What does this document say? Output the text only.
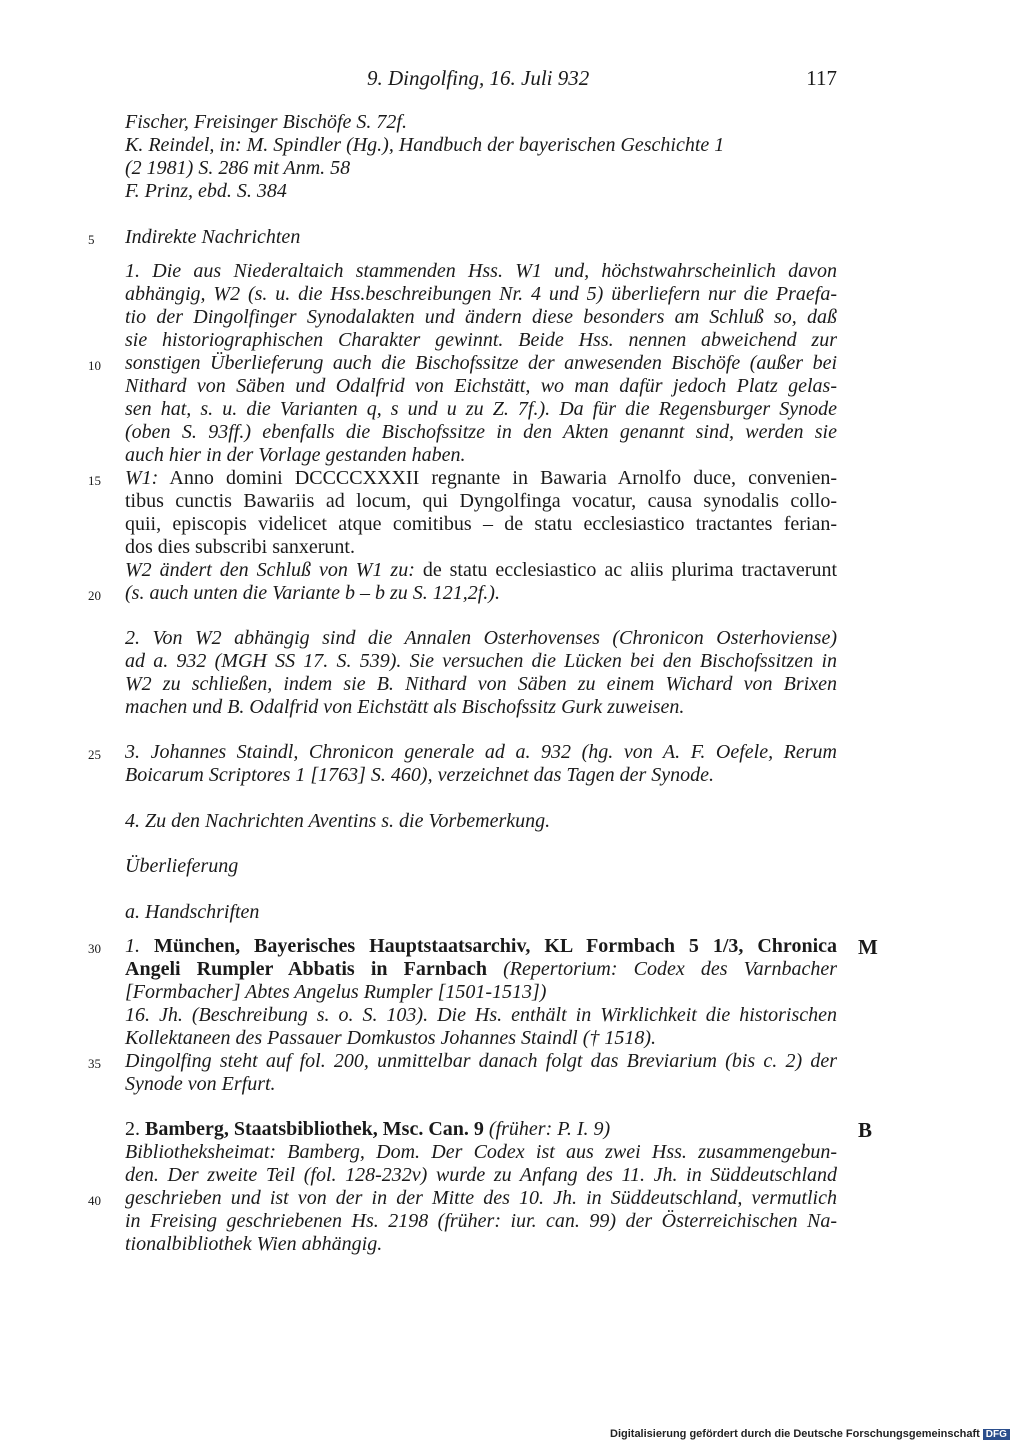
9. Dingolfing, 16. Juli 932	117
Fischer, Freisinger Bischöfe S. 72f.
K. Reindel, in: M. Spindler (Hg.), Handbuch der bayerischen Geschichte 1
(2 1981) S. 286 mit Anm. 58
F. Prinz, ebd. S. 384
5	Indirekte Nachrichten
1. Die aus Niederaltaich stammenden Hss. W1 und, höchstwahrscheinlich davon
abhängig, W2 (s. u. die Hss.beschreibungen Nr. 4 und 5) überliefern nur die Praefa-
tio der Dingolfinger Synodalakten und ändern diese besonders am Schluß so, daß
sie historiographischen Charakter gewinnt. Beide Hss. nennen abweichend zur
10	sonstigen Überlieferung auch die Bischofssitze der anwesenden Bischöfe (außer bei
Nithard von Säben und Odalfrid von Eichstätt, wo man dafür jedoch Platz gelas-
sen hat, s. u. die Varianten q, s und u zu Z. 7f.). Da für die Regensburger Synode
(oben S. 93ff.) ebenfalls die Bischofssitze in den Akten genannt sind, werden sie
auch hier in der Vorlage gestanden haben.
15	W1: Anno domini DCCCCXXXII regnante in Bawaria Arnolfo duce, convenien-
tibus cunctis Bawariis ad locum, qui Dyngolfinga vocatur, causa synodalis collo-
quii, episcopis videlicet atque comitibus – de statu ecclesiastico tractantes ferian-
dos dies subscribi sanxerunt.
W2 ändert den Schluß von W1 zu: de statu ecclesiastico ac aliis plurima tractaverunt
20	(s. auch unten die Variante b – b zu S. 121,2f.).
2. Von W2 abhängig sind die Annalen Osterhovenses (Chronicon Osterhoviense)
ad a. 932 (MGH SS 17. S. 539). Sie versuchen die Lücken bei den Bischofssitzen in
W2 zu schließen, indem sie B. Nithard von Säben zu einem Wichard von Brixen
machen und B. Odalfrid von Eichstätt als Bischofssitz Gurk zuweisen.
25	3. Johannes Staindl, Chronicon generale ad a. 932 (hg. von A. F. Oefele, Rerum
Boicarum Scriptores 1 [1763] S. 460), verzeichnet das Tagen der Synode.
4. Zu den Nachrichten Aventins s. die Vorbemerkung.
Überlieferung
a. Handschriften
30	1. München, Bayerisches Hauptstaatsarchiv, KL Formbach 5 1/3, Chronica M
Angeli Rumpler Abbatis in Farnbach (Repertorium: Codex des Varnbacher
[Formbacher] Abtes Angelus Rumpler [1501-1513])
16. Jh. (Beschreibung s. o. S. 103). Die Hs. enthält in Wirklichkeit die historischen
Kollektaneen des Passauer Domkustos Johannes Staindl († 1518).
35	Dingolfing steht auf fol. 200, unmittelbar danach folgt das Breviarium (bis c. 2) der
Synode von Erfurt.
2. Bamberg, Staatsbibliothek, Msc. Can. 9 (früher: P. I. 9)	B
Bibliotheksheimat: Bamberg, Dom. Der Codex ist aus zwei Hss. zusammengebun-
den. Der zweite Teil (fol. 128-232v) wurde zu Anfang des 11. Jh. in Süddeutschland
40	geschrieben und ist von der in der Mitte des 10. Jh. in Süddeutschland, vermutlich
in Freising geschriebenen Hs. 2198 (früher: iur. can. 99) der Österreichischen Na-
tionalbibliothek Wien abhängig.
Digitalisierung gefördert durch die Deutsche Forschungsgemeinschaft DFG
